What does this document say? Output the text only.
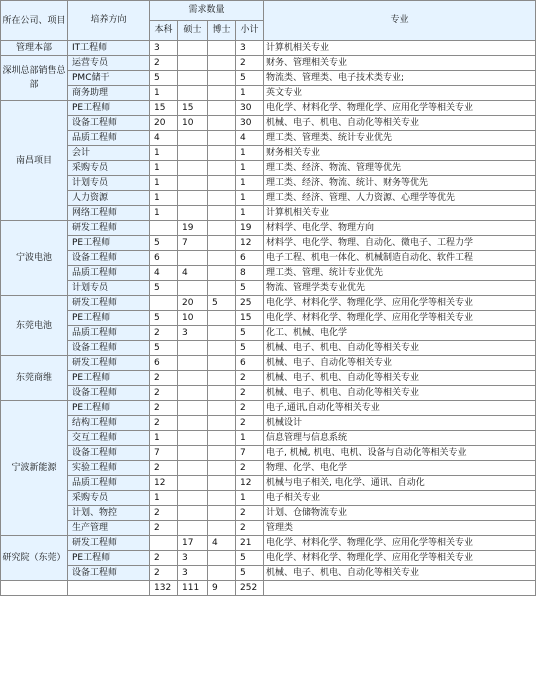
所在公司、项目	培养方向	需求数量				专业
		本科	硕士	博士	小计	
管理本部	IT工程师	3			3	计算机相关专业
深圳总部销售总部	运营专员	2			2	财务、管理相关专业
	PMC储干	5			5	物流类、管理类、电子技术类专业;
	商务助理	1			1	英文专业
南昌项目	PE工程师	15	15		30	电化学、材料化学、物理化学、应用化学等相关专业
	设备工程师	20	10		30	机械、电子、机电、自动化等相关专业
	品质工程师	4			4	理工类、管理类、统计专业优先
	会计	1			1	财务相关专业
	采购专员	1			1	理工类、经济、物流、管理等优先
	计划专员	1			1	理工类、经济、物流、统计、财务等优先
	人力资源	1			1	理工类、经济、管理、人力资源、心理学等优先
	网络工程师	1			1	计算机相关专业
宁波电池	研发工程师		19		19	材料学、电化学、物理方向
	PE工程师	5	7		12	材料学、电化学、物理、自动化、微电子、工程力学
	设备工程师	6			6	电子工程、机电一体化、机械制造自动化、软件工程
	品质工程师	4	4		8	理工类、管理、统计专业优先
	计划专员	5			5	物流、管理学类专业优先
东莞电池	研发工程师		20	5	25	电化学、材料化学、物理化学、应用化学等相关专业
	PE工程师	5	10		15	电化学、材料化学、物理化学、应用化学等相关专业
	品质工程师	2	3		5	化工、机械、电化学
	设备工程师	5			5	机械、电子、机电、自动化等相关专业
东莞商维	研发工程师	6			6	机械、电子、自动化等相关专业
	PE工程师	2			2	机械、电子、机电、自动化等相关专业
	设备工程师	2			2	机械、电子、机电、自动化等相关专业
宁波新能源	PE工程师	2			2	电子,通讯,自动化等相关专业
	结构工程师	2			2	机械设计
	交互工程师	1			1	信息管理与信息系统
	设备工程师	7			7	电子, 机械, 机电、电机、设备与自动化等相关专业
	实验工程师	2			2	物理、化学、电化学
	品质工程师	12			12	机械与电子相关, 电化学、通讯、自动化
	采购专员	1			1	电子相关专业
	计划、物控	2			2	计划、仓储物流专业
	生产管理	2			2	管理类
研究院（东莞）	研发工程师		17	4	21	电化学、材料化学、物理化学、应用化学等相关专业
	PE工程师	2	3		5	电化学、材料化学、物理化学、应用化学等相关专业
	设备工程师	2	3		5	机械、电子、机电、自动化等相关专业
		132	111	9	252	
